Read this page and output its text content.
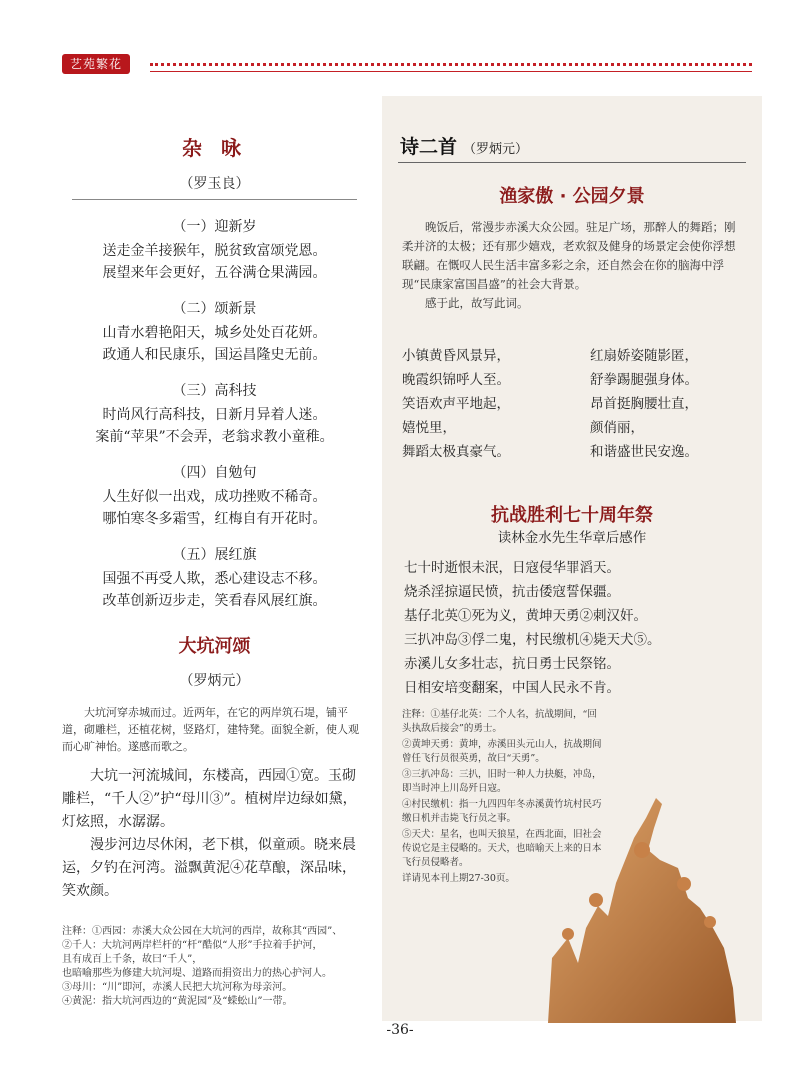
艺苑繁花
杂 咏
（罗玉良）
（一）迎新岁
送走金羊接猴年，脱贫致富颂党恩。
展望来年会更好，五谷满仓果满园。
（二）颂新景
山青水碧艳阳天，城乡处处百花妍。
政通人和民康乐，国运昌隆史无前。
（三）高科技
时尚风行高科技，日新月异着人迷。
案前“苹果”不会弄，老翁求教小童稚。
（四）自勉句
人生好似一出戏，成功挫败不稀奇。
哪怕寒冬多霜雪，红梅自有开花时。
（五）展红旗
国强不再受人欺，悉心建设志不移。
改革创新迈步走，笑看春风展红旗。
大坑河颂
（罗炳元）
大坑河穿赤城而过。近两年，在它的两岸筑石堤，铺平道，砌雕栏，还植花树，竖路灯，建特凳。面貌全新，使人观而心旷神怡。遂感而歌之。

大坑一河流城间，东楼高，西园①宽。玉砌雕栏，“千人②”护“母川③”。植树岸边绿如黛，灯炫照，水潺潺。

漫步河边尽休闲，老下棋，似童顽。晓来晨运，夕钓在河湾。溢飘黄泥④花草酿，深品味，笑欢颜。

注释：①西园：赤溪大众公园在大坑河的西岸，故称其“西园”、
②千人：大坑河两岸栏杆的“杆”酷似“人形”手拉着手护河，
且有成百上千条，故曰“千人”，
也暗喻那些为修建大坑河堤、道路而捐资出力的热心护河人。
③母川：“川”即河，赤溪人民把大坑河称为母亲河。
④黄泥：指大坑河西边的“黄泥园”及“蝾蚣山”一带。
诗二首 （罗炳元）
渔家傲 · 公园夕景

晚饭后，常漫步赤溪大众公园。驻足广场，那醉人的舞蹈；刚柔并济的太极；还有那少嬉戏，老欢叙及健身的场景定会使你浮想联翩。在慨叹人民生活丰富多彩之余，还自然会在你的脑海中浮现“民康家富国昌盛”的社会大背景。

感于此，故写此词。

小镇黄昏风景异，	红扇娇姿随影匿，
晚霞织锦呼人至。	舒拳踢腿强身体。
笑语欢声平地起，	昂首挺胸腰壮直，
嬉悦里，	颜俏丽，
舞蹈太极真豪气。	和谐盛世民安逸。
抗战胜利七十周年祭
读林金水先生华章后感作
七十时逝恨未泯，日寇侵华罪滔天。
烧杀淫掠逼民愤，抗击倭寇誓保疆。
基仔北英①死为义，黄坤天勇②刺汉奸。
三扒冲岛③俘二鬼，村民缴机④毙天犬⑤。
赤溪儿女多壮志，抗日勇士民祭铭。
日相安培变翻案，中国人民永不肯。
注释：①基仔北英：二个人名，抗战期间，“回头执敌后接会”的勇士。
②黄坤天勇：黄坤，赤溪田头元山人，抗战期间曾任飞行员很英勇，故曰“天勇”。
③三扒冲岛：三扒，旧时一种人力抉艇，冲岛，即当时冲上川岛歼日寇。
④村民缴机：指一九四四年冬赤溪黄竹坑村民巧缴日机并击毙飞行员之事。
⑤天犬：星名，也叫天狼星，在西北面，旧社会传说它是主侵略的。天犬，也暗喻天上来的日本飞行员侵略者。
详请见本刊上期27-30页。
-36-
